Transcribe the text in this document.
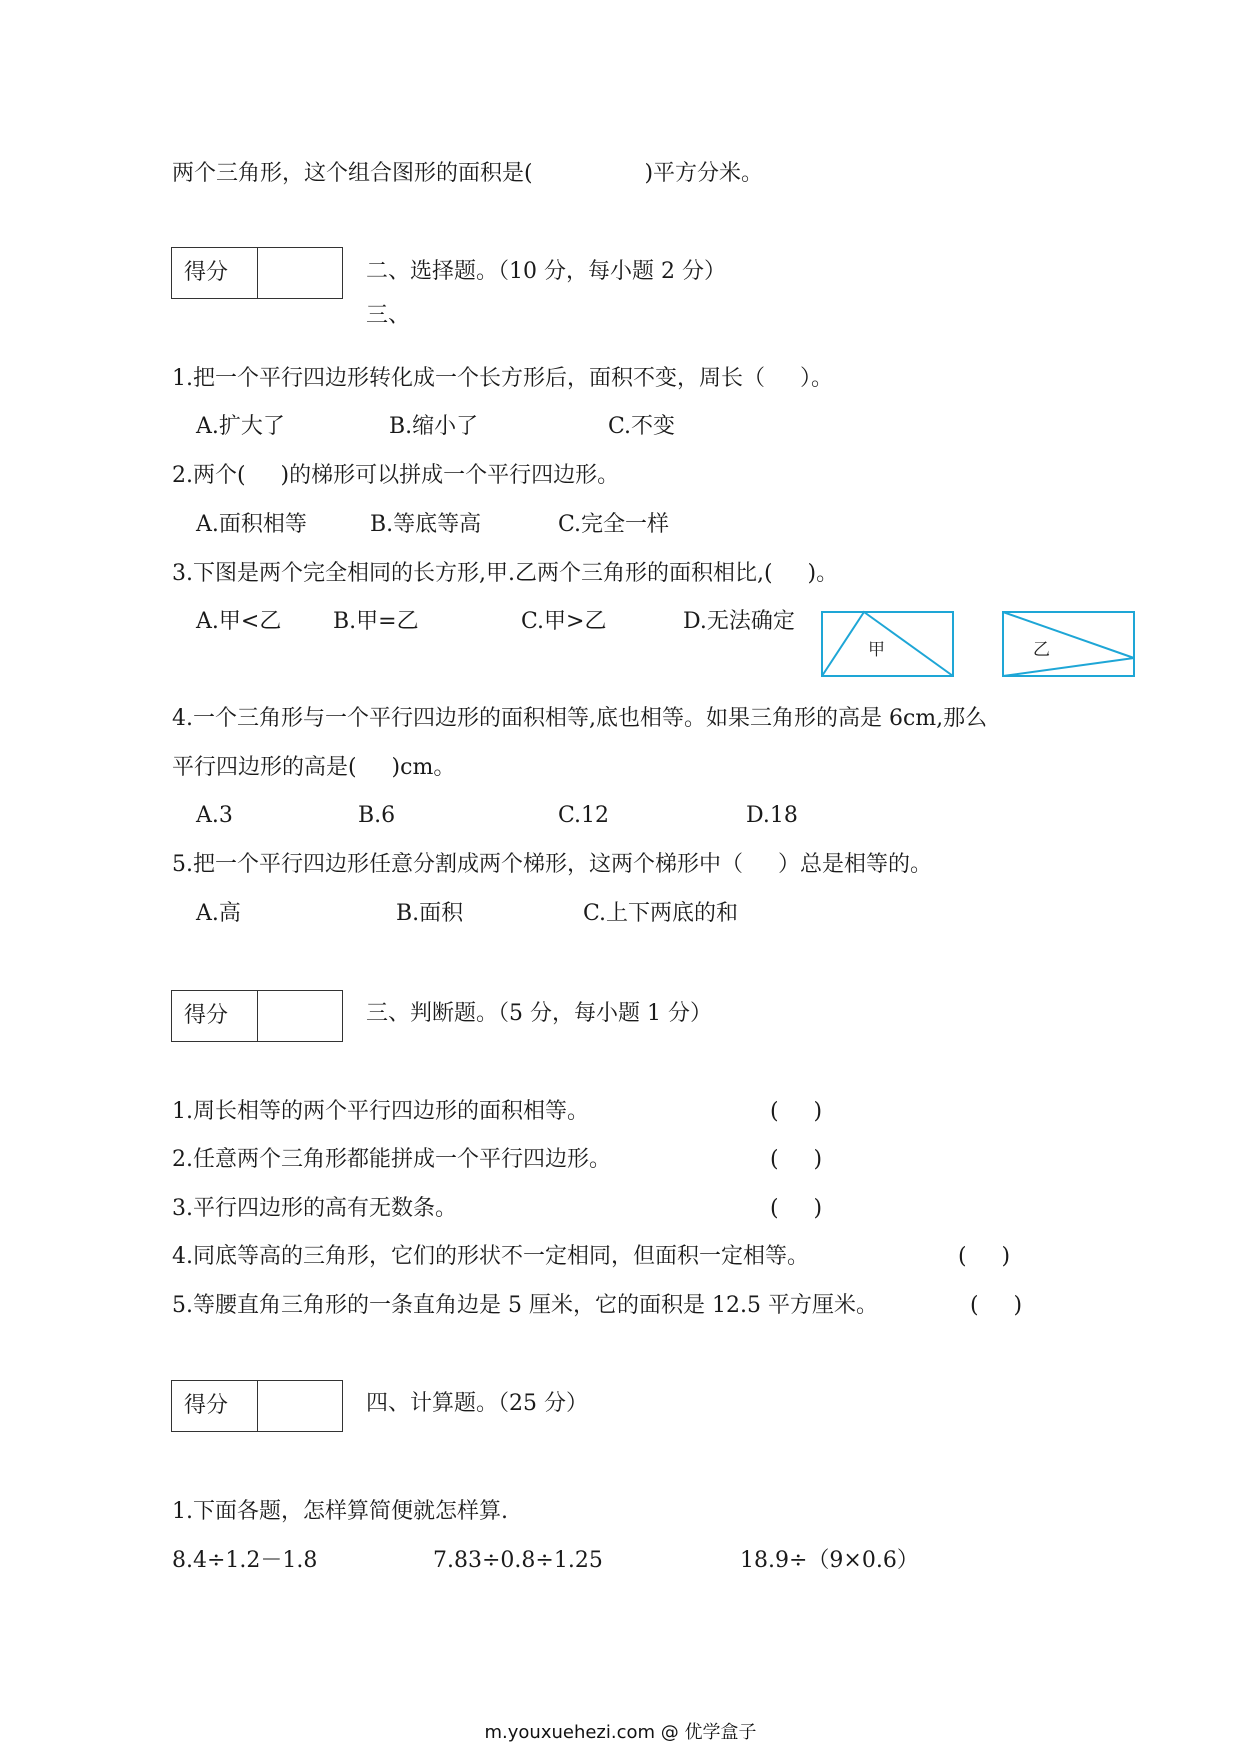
两个三角形，这个组合图形的面积是(                )平方分米。
得分	二、选择题。（10 分，每小题 2 分）
三、
1.把一个平行四边形转化成一个长方形后，面积不变，周长（     ）。
A.扩大了	B.缩小了	C.不变
2.两个(     )的梯形可以拼成一个平行四边形。
A.面积相等	B.等底等高	C.完全一样
3.下图是两个完全相同的长方形,甲.乙两个三角形的面积相比,(     )。
A.甲<乙 B.甲=乙	C.甲>乙	D.无法确定
甲	乙
4.一个三角形与一个平行四边形的面积相等,底也相等。如果三角形的高是 6cm,那么
平行四边形的高是(     )cm。
A.3	B.6	C.12	D.18
5.把一个平行四边形任意分割成两个梯形，这两个梯形中（     ）总是相等的。
A.高	B.面积	C.上下两底的和
得分	三、判断题。（5 分，每小题 1 分）
1.周长相等的两个平行四边形的面积相等。	(     )
2.任意两个三角形都能拼成一个平行四边形。	(     )
3.平行四边形的高有无数条。	(     )
4.同底等高的三角形，它们的形状不一定相同，但面积一定相等。	(     )
5.等腰直角三角形的一条直角边是 5 厘米，它的面积是 12.5 平方厘米。	(     )
得分	四、计算题。（25 分）
1.下面各题，怎样算简便就怎样算.
8.4÷1.2－1.8	7.83÷0.8÷1.25	18.9÷（9×0.6）
m.youxuehezi.com @ 优学盒子
